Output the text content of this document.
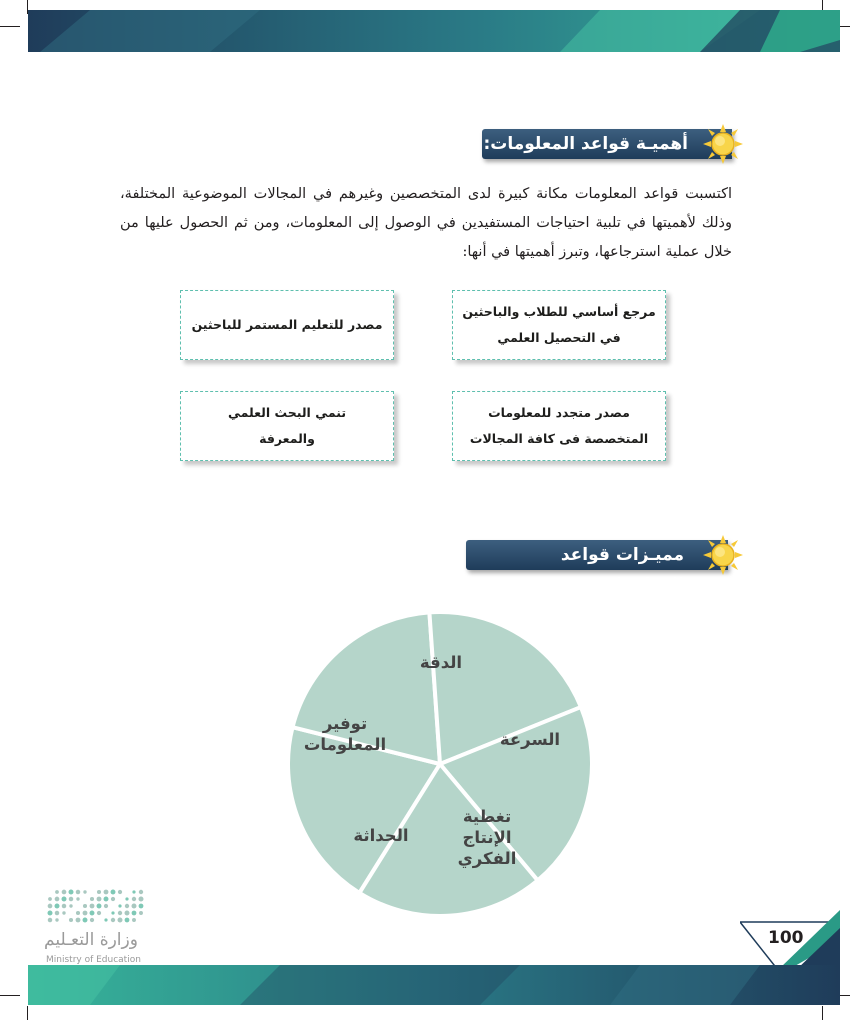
أهميـة قواعد المعلومات:
اكتسبت قواعد المعلومات مكانة كبيرة لدى المتخصصين وغيرهم في المجالات الموضوعية المختلفة، وذلك لأهميتها في تلبية احتياجات المستفيدين في الوصول إلى المعلومات، ومن ثم الحصول عليها من خلال عملية استرجاعها، وتبرز أهميتها في أنها:
مرجع أساسي للطلاب والباحثين
في التحصيل العلمي
مصدر للتعليم المستمر للباحثين
مصدر متجدد للمعلومات
المتخصصة فى كافة المجالات
تنمي البحث العلمي
والمعرفة
مميـزات قواعد المعلومات:
الدقة
السرعة
تغطية
الإنتاج
الفكري
الحداثة
توفير
المعلومات
وزارة التعـليم
Ministry of Education
100
